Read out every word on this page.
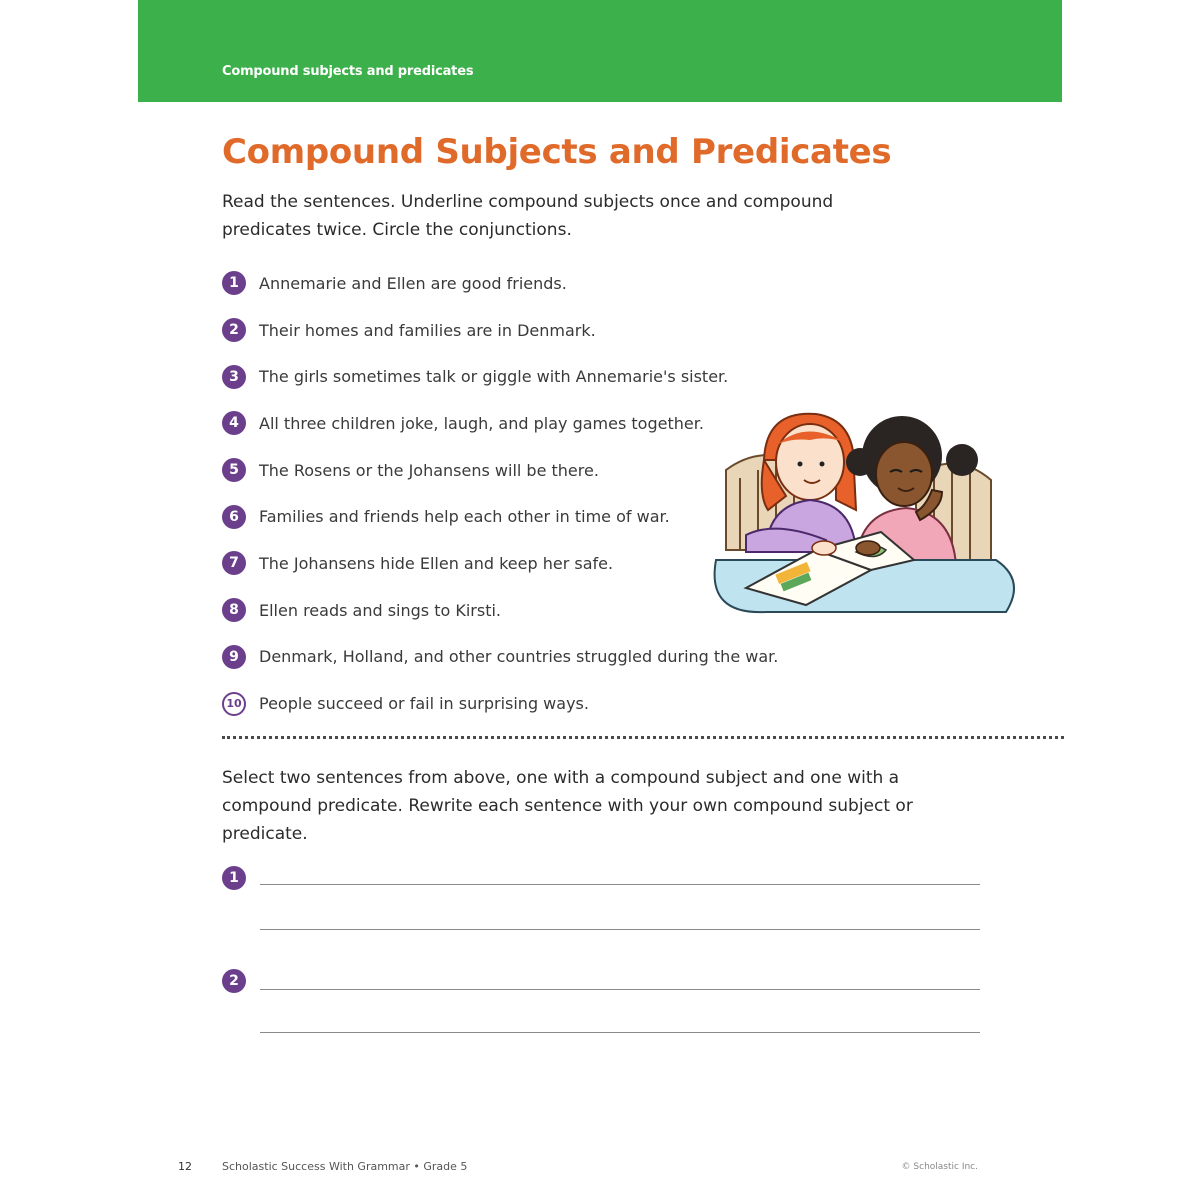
Compound subjects and predicates
Compound Subjects and Predicates
Read the sentences. Underline compound subjects once and compound predicates twice. Circle the conjunctions.
1	Annemarie and Ellen are good friends.
2	Their homes and families are in Denmark.
3	The girls sometimes talk or giggle with Annemarie's sister.
4	All three children joke, laugh, and play games together.
5	The Rosens or the Johansens will be there.
6	Families and friends help each other in time of war.
7	The Johansens hide Ellen and keep her safe.
8	Ellen reads and sings to Kirsti.
9	Denmark, Holland, and other countries struggled during the war.
10 People succeed or fail in surprising ways.
Select two sentences from above, one with a compound subject and one with a compound predicate. Rewrite each sentence with your own compound subject or predicate.
1
2
12	Scholastic Success With Grammar • Grade 5	© Scholastic Inc.
